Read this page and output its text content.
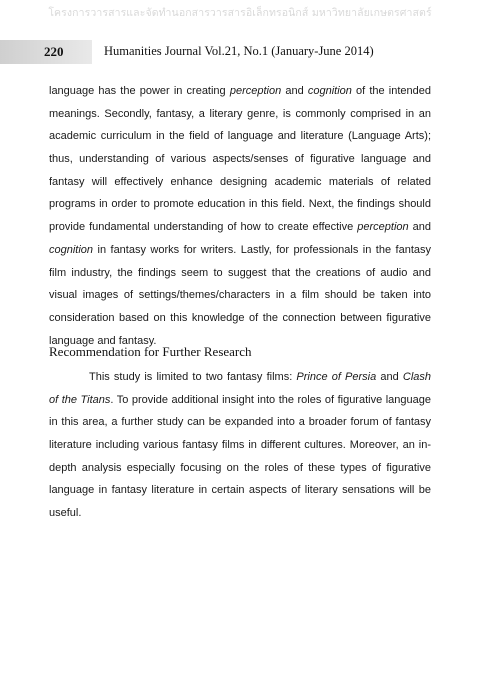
โครงการวารสารและจัดทำนอกสารวารสารอิเล็กทรอนิกส์ มหาวิทยาลัยเกษตรศาสตร์
220	Humanities Journal Vol.21, No.1 (January-June 2014)
language has the power in creating perception and cognition of the intended
meanings. Secondly, fantasy, a literary genre, is commonly comprised in an
academic curriculum in the field of language and literature (Language Arts);
thus, understanding of various aspects/senses of figurative language and
fantasy will effectively enhance designing academic materials of related
programs in order to promote education in this field. Next, the findings should
provide fundamental understanding of how to create effective perception and
cognition in fantasy works for writers. Lastly, for professionals in the fantasy
film industry, the findings seem to suggest that the creations of audio and
visual images of settings/themes/characters in a film should be taken into
consideration based on this knowledge of the connection between figurative
language and fantasy.
Recommendation for Further Research
This study is limited to two fantasy films: Prince of Persia and Clash
of the Titans. To provide additional insight into the roles of figurative language
in this area, a further study can be expanded into a broader forum of fantasy
literature including various fantasy films in different cultures. Moreover, an in-
depth analysis especially focusing on the roles of these types of figurative
language in fantasy literature in certain aspects of literary sensations will be
useful.
